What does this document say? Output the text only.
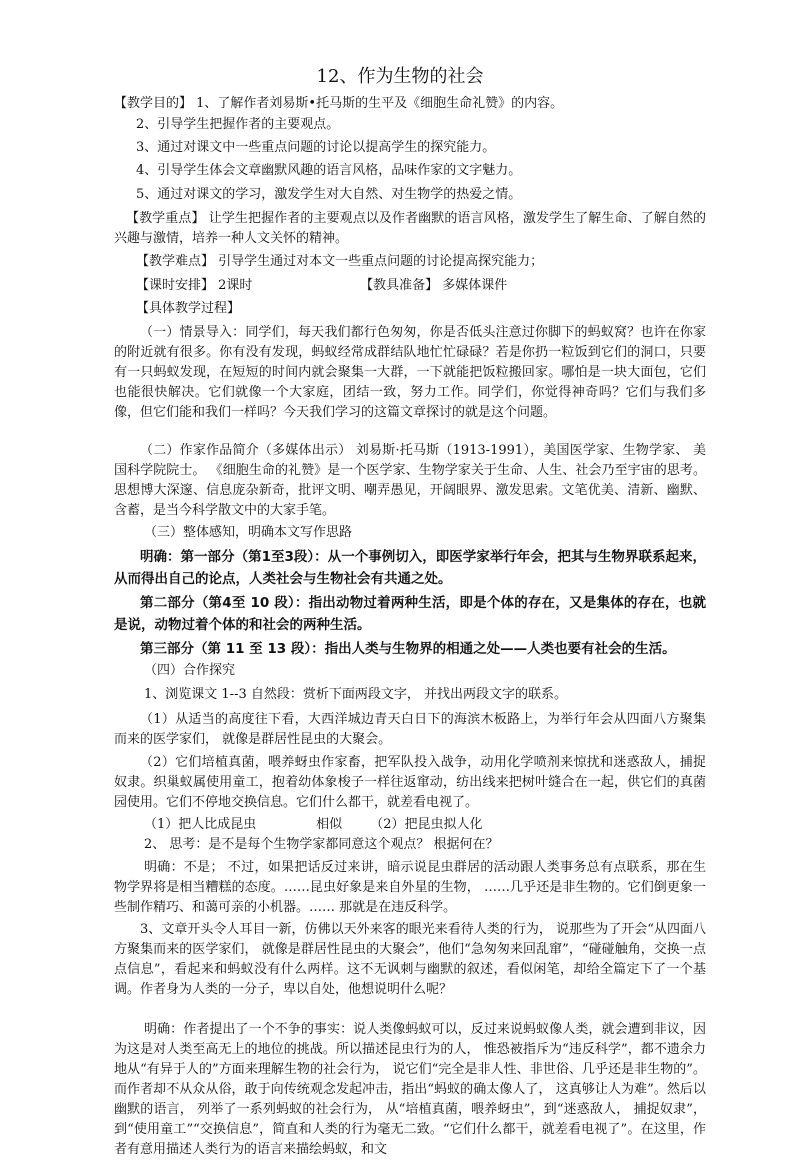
12、作为生物的社会
【教学目的】 1、了解作者刘易斯•托马斯的生平及《细胞生命礼赞》的内容。
2、引导学生把握作者的主要观点。
3、通过对课文中一些重点问题的讨论以提高学生的探究能力。
4、引导学生体会文章幽默风趣的语言风格，品味作家的文字魅力。
5、通过对课文的学习，激发学生对大自然、对生物学的热爱之情。
【教学重点】 让学生把握作者的主要观点以及作者幽默的语言风格，激发学生了解生命、了解自然的兴趣与激情，培养一种人文关怀的精神。
【教学难点】 引导学生通过对本文一些重点问题的讨论提高探究能力；
【课时安排】 2课时	【教具准备】 多媒体课件
【具体教学过程】
（一）情景导入：同学们，每天我们都行色匆匆，你是否低头注意过你脚下的蚂蚁窝？也许在你家的附近就有很多。你有没有发现，蚂蚁经常成群结队地忙忙碌碌？若是你扔一粒饭到它们的洞口，只要有一只蚂蚁发现，在短短的时间内就会聚集一大群，一下就能把饭粒搬回家。哪怕是一块大面包，它们也能很快解决。它们就像一个大家庭，团结一致，努力工作。同学们，你觉得神奇吗？它们与我们多像，但它们能和我们一样吗？今天我们学习的这篇文章探讨的就是这个问题。
（二）作家作品简介（多媒体出示） 刘易斯·托马斯（1913-1991），美国医学家、生物学家、 美国科学院院士。 《细胞生命的礼赞》是一个医学家、生物学家关于生命、人生、社会乃至宇宙的思考。思想博大深邃、信息庞杂新奇，批评文明、嘲弄愚见，开阔眼界、激发思索。文笔优美、清新、幽默、 含蓄，是当今科学散文中的大家手笔。
（三）整体感知，明确本文写作思路
明确：第一部分（第1至3段）：从一个事例切入，即医学家举行年会，把其与生物界联系起来，从而得出自己的论点，人类社会与生物社会有共通之处。
第二部分（第4至 10 段）：指出动物过着两种生活，即是个体的存在，又是集体的存在，也就是说，动物过着个体的和社会的两种生活。
第三部分（第 11 至 13 段）：指出人类与生物界的相通之处——人类也要有社会的生活。
（四）合作探究
1、浏览课文 1--3 自然段：赏析下面两段文字， 并找出两段文字的联系。
（1）从适当的高度往下看，大西洋城边青天白日下的海滨木板路上，为举行年会从四面八方聚集而来的医学家们， 就像是群居性昆虫的大聚会。
（2）它们培植真菌，喂养蚜虫作家畜，把军队投入战争，动用化学喷剂来惊扰和迷惑敌人，捕捉奴隶。织巢蚁属使用童工，抱着幼体象梭子一样往返窜动，纺出线来把树叶缝合在一起，供它们的真菌园使用。它们不停地交换信息。它们什么都干，就差看电视了。
（1）把人比成昆虫	相似 （2）把昆虫拟人化
2、 思考：是不是每个生物学家都同意这个观点？ 根据何在？
明确：不是； 不过，如果把话反过来讲，暗示说昆虫群居的活动跟人类事务总有点联系，那在生物学界将是相当糟糕的态度。……昆虫好象是来自外星的生物， ……几乎还是非生物的。它们倒更象一些制作精巧、和蔼可亲的小机器。…… 那就是在违反科学。
3、文章开头令人耳目一新，仿佛以天外来客的眼光来看待人类的行为， 说那些为了开会“从四面八方聚集而来的医学家们， 就像是群居性昆虫的大聚会”，他们“急匆匆来回乱窜”，“碰碰触角，交换一点点信息”，看起来和蚂蚁没有什么两样。这不无讽刺与幽默的叙述，看似闲笔，却给全篇定下了一个基调。作者身为人类的一分子，卑以自处，他想说明什么呢？
明确：作者提出了一个不争的事实：说人类像蚂蚁可以，反过来说蚂蚁像人类，就会遭到非议，因为这是对人类至高无上的地位的挑战。所以描述昆虫行为的人， 惟恐被指斥为“违反科学”，都不遗余力地从“有异于人的”方面来理解生物的社会行为， 说它们“完全是非人性、非世俗、几乎还是非生物的”。而作者却不从众从俗，敢于向传统观念发起冲击，指出“蚂蚁的确太像人了， 这真够让人为难”。然后以幽默的语言， 列举了一系列蚂蚁的社会行为， 从“培植真菌，喂养蚜虫”，到“迷惑敌人， 捕捉奴隶”，到“使用童工”“交换信息”，简直和人类的行为毫无二致。“它们什么都干，就差看电视了”。在这里，作者有意用描述人类行为的语言来描绘蚂蚁，和文
